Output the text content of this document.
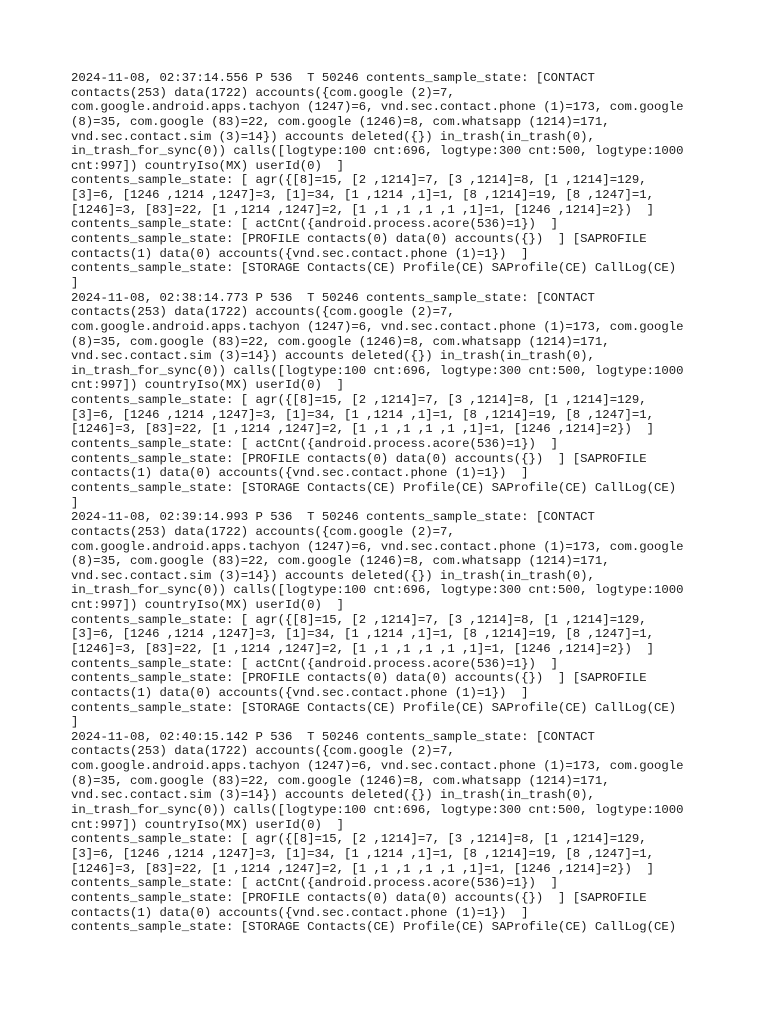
2024-11-08, 02:37:14.556 P 536  T 50246 contents_sample_state: [CONTACT
contacts(253) data(1722) accounts({com.google (2)=7,
com.google.android.apps.tachyon (1247)=6, vnd.sec.contact.phone (1)=173, com.google
(8)=35, com.google (83)=22, com.google (1246)=8, com.whatsapp (1214)=171,
vnd.sec.contact.sim (3)=14}) accounts deleted({}) in_trash(in_trash(0),
in_trash_for_sync(0)) calls([logtype:100 cnt:696, logtype:300 cnt:500, logtype:1000
cnt:997]) countryIso(MX) userId(0)  ]
contents_sample_state: [ agr({[8]=15, [2 ,1214]=7, [3 ,1214]=8, [1 ,1214]=129,
[3]=6, [1246 ,1214 ,1247]=3, [1]=34, [1 ,1214 ,1]=1, [8 ,1214]=19, [8 ,1247]=1,
[1246]=3, [83]=22, [1 ,1214 ,1247]=2, [1 ,1 ,1 ,1 ,1 ,1]=1, [1246 ,1214]=2})  ]
contents_sample_state: [ actCnt({android.process.acore(536)=1})  ]
contents_sample_state: [PROFILE contacts(0) data(0) accounts({})  ] [SAPROFILE
contacts(1) data(0) accounts({vnd.sec.contact.phone (1)=1})  ]
contents_sample_state: [STORAGE Contacts(CE) Profile(CE) SAProfile(CE) CallLog(CE)
]
2024-11-08, 02:38:14.773 P 536  T 50246 contents_sample_state: [CONTACT
contacts(253) data(1722) accounts({com.google (2)=7,
com.google.android.apps.tachyon (1247)=6, vnd.sec.contact.phone (1)=173, com.google
(8)=35, com.google (83)=22, com.google (1246)=8, com.whatsapp (1214)=171,
vnd.sec.contact.sim (3)=14}) accounts deleted({}) in_trash(in_trash(0),
in_trash_for_sync(0)) calls([logtype:100 cnt:696, logtype:300 cnt:500, logtype:1000
cnt:997]) countryIso(MX) userId(0)  ]
contents_sample_state: [ agr({[8]=15, [2 ,1214]=7, [3 ,1214]=8, [1 ,1214]=129,
[3]=6, [1246 ,1214 ,1247]=3, [1]=34, [1 ,1214 ,1]=1, [8 ,1214]=19, [8 ,1247]=1,
[1246]=3, [83]=22, [1 ,1214 ,1247]=2, [1 ,1 ,1 ,1 ,1 ,1]=1, [1246 ,1214]=2})  ]
contents_sample_state: [ actCnt({android.process.acore(536)=1})  ]
contents_sample_state: [PROFILE contacts(0) data(0) accounts({})  ] [SAPROFILE
contacts(1) data(0) accounts({vnd.sec.contact.phone (1)=1})  ]
contents_sample_state: [STORAGE Contacts(CE) Profile(CE) SAProfile(CE) CallLog(CE)
]
2024-11-08, 02:39:14.993 P 536  T 50246 contents_sample_state: [CONTACT
contacts(253) data(1722) accounts({com.google (2)=7,
com.google.android.apps.tachyon (1247)=6, vnd.sec.contact.phone (1)=173, com.google
(8)=35, com.google (83)=22, com.google (1246)=8, com.whatsapp (1214)=171,
vnd.sec.contact.sim (3)=14}) accounts deleted({}) in_trash(in_trash(0),
in_trash_for_sync(0)) calls([logtype:100 cnt:696, logtype:300 cnt:500, logtype:1000
cnt:997]) countryIso(MX) userId(0)  ]
contents_sample_state: [ agr({[8]=15, [2 ,1214]=7, [3 ,1214]=8, [1 ,1214]=129,
[3]=6, [1246 ,1214 ,1247]=3, [1]=34, [1 ,1214 ,1]=1, [8 ,1214]=19, [8 ,1247]=1,
[1246]=3, [83]=22, [1 ,1214 ,1247]=2, [1 ,1 ,1 ,1 ,1 ,1]=1, [1246 ,1214]=2})  ]
contents_sample_state: [ actCnt({android.process.acore(536)=1})  ]
contents_sample_state: [PROFILE contacts(0) data(0) accounts({})  ] [SAPROFILE
contacts(1) data(0) accounts({vnd.sec.contact.phone (1)=1})  ]
contents_sample_state: [STORAGE Contacts(CE) Profile(CE) SAProfile(CE) CallLog(CE)
]
2024-11-08, 02:40:15.142 P 536  T 50246 contents_sample_state: [CONTACT
contacts(253) data(1722) accounts({com.google (2)=7,
com.google.android.apps.tachyon (1247)=6, vnd.sec.contact.phone (1)=173, com.google
(8)=35, com.google (83)=22, com.google (1246)=8, com.whatsapp (1214)=171,
vnd.sec.contact.sim (3)=14}) accounts deleted({}) in_trash(in_trash(0),
in_trash_for_sync(0)) calls([logtype:100 cnt:696, logtype:300 cnt:500, logtype:1000
cnt:997]) countryIso(MX) userId(0)  ]
contents_sample_state: [ agr({[8]=15, [2 ,1214]=7, [3 ,1214]=8, [1 ,1214]=129,
[3]=6, [1246 ,1214 ,1247]=3, [1]=34, [1 ,1214 ,1]=1, [8 ,1214]=19, [8 ,1247]=1,
[1246]=3, [83]=22, [1 ,1214 ,1247]=2, [1 ,1 ,1 ,1 ,1 ,1]=1, [1246 ,1214]=2})  ]
contents_sample_state: [ actCnt({android.process.acore(536)=1})  ]
contents_sample_state: [PROFILE contacts(0) data(0) accounts({})  ] [SAPROFILE
contacts(1) data(0) accounts({vnd.sec.contact.phone (1)=1})  ]
contents_sample_state: [STORAGE Contacts(CE) Profile(CE) SAProfile(CE) CallLog(CE)
